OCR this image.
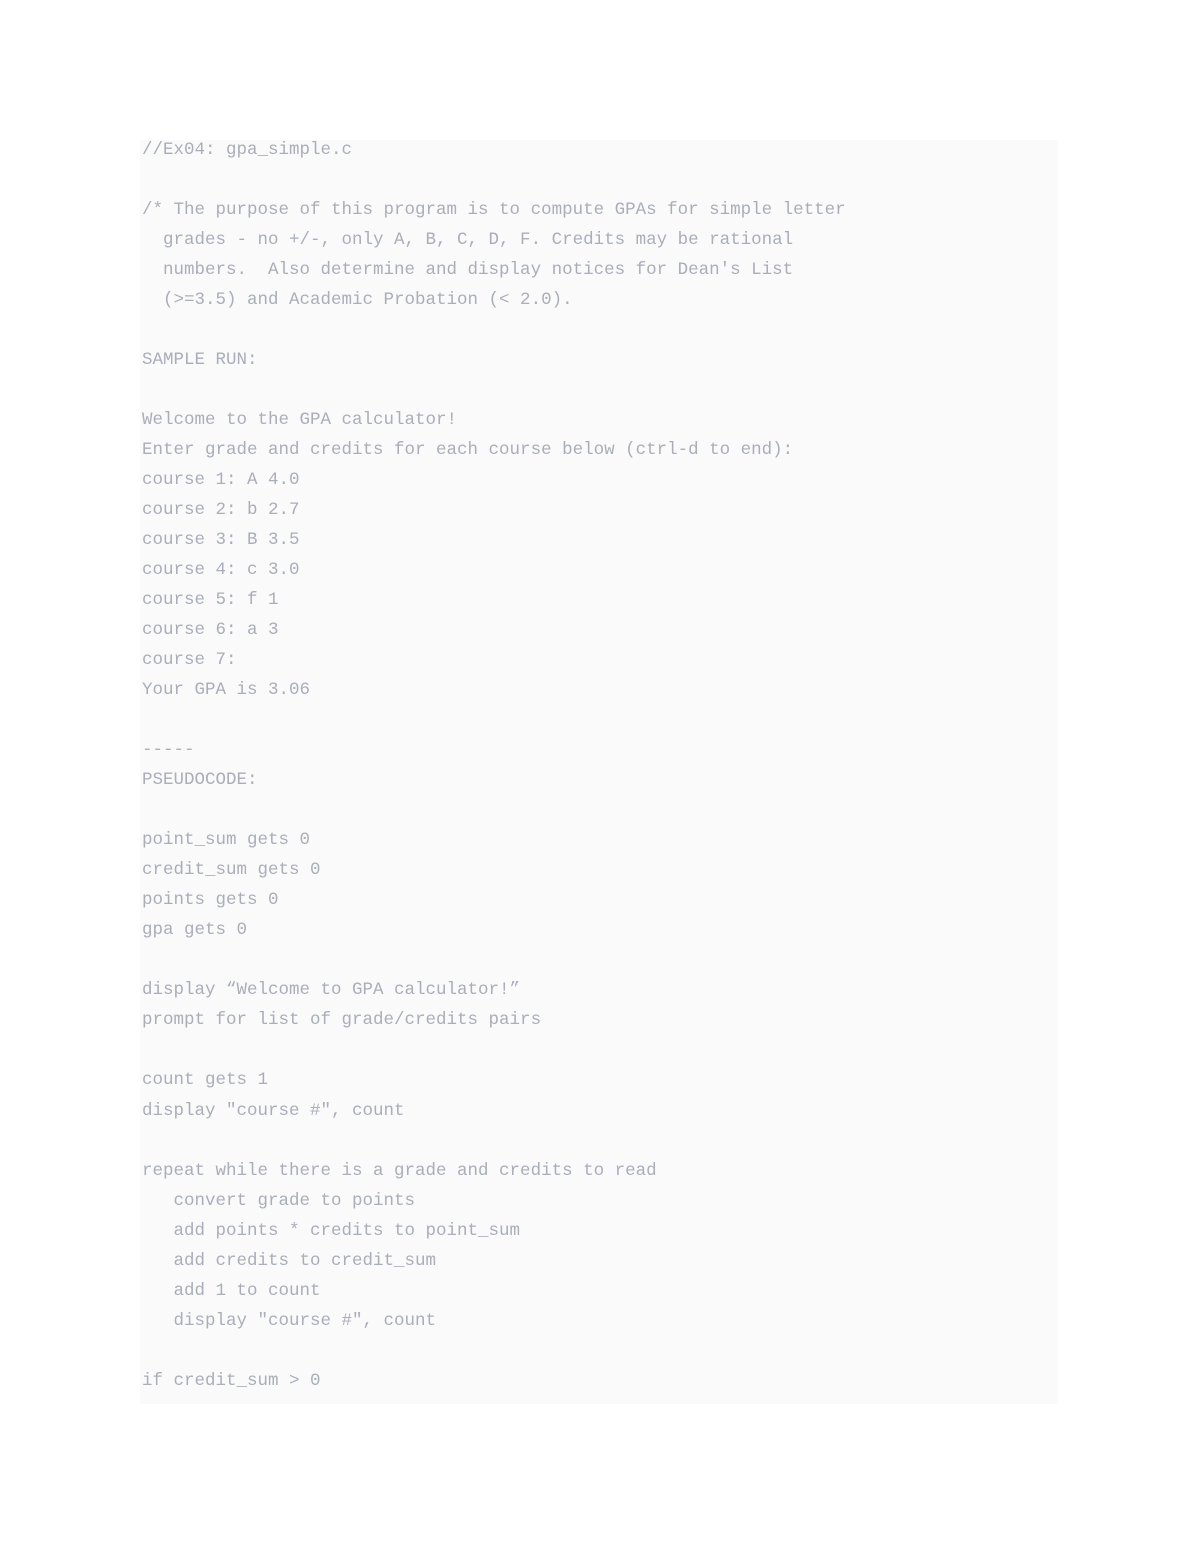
//Ex04: gpa_simple.c
/* The purpose of this program is to compute GPAs for simple letter
grades - no +/-, only A, B, C, D, F. Credits may be rational
numbers.  Also determine and display notices for Dean's List
(>=3.5) and Academic Probation (< 2.0).
SAMPLE RUN:
Welcome to the GPA calculator!
Enter grade and credits for each course below (ctrl-d to end):
course 1: A 4.0
course 2: b 2.7
course 3: B 3.5
course 4: c 3.0
course 5: f 1
course 6: a 3
course 7:
Your GPA is 3.06
-----
PSEUDOCODE:
point_sum gets 0
credit_sum gets 0
points gets 0
gpa gets 0
display “Welcome to GPA calculator!”
prompt for list of grade/credits pairs
count gets 1
display "course #", count
repeat while there is a grade and credits to read
convert grade to points
add points * credits to point_sum
add credits to credit_sum
add 1 to count
display "course #", count
if credit_sum > 0
